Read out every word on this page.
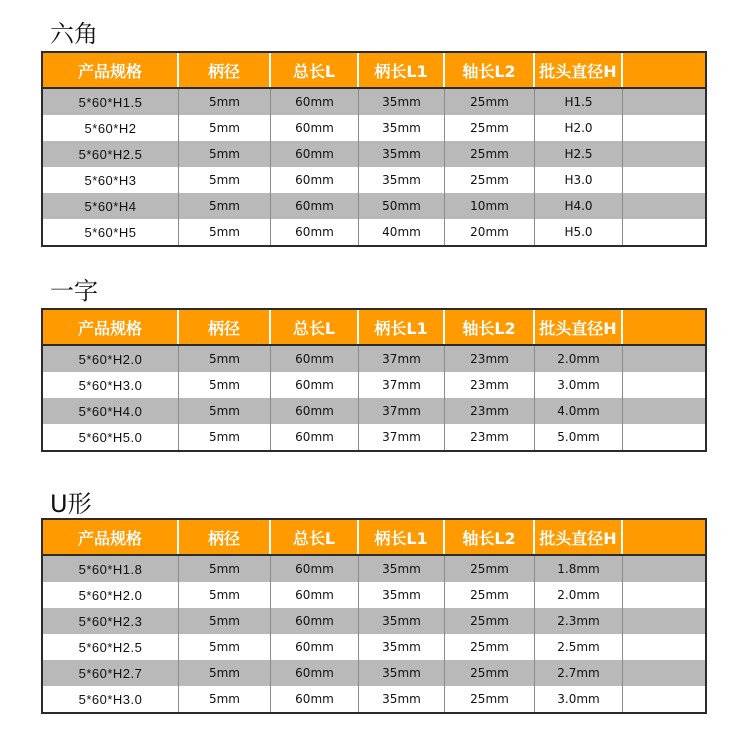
六角
产品规格	柄径	总长L	柄长L1	轴长L2	批头直径H
5*60*H1.5	5mm	60mm	35mm	25mm	H1.5
5*60*H2	5mm	60mm	35mm	25mm	H2.0
5*60*H2.5	5mm	60mm	35mm	25mm	H2.5
5*60*H3	5mm	60mm	35mm	25mm	H3.0
5*60*H4	5mm	60mm	50mm	10mm	H4.0
5*60*H5	5mm	60mm	40mm	20mm	H5.0
一字
产品规格	柄径	总长L	柄长L1	轴长L2	批头直径H
5*60*H2.0	5mm	60mm	37mm	23mm	2.0mm
5*60*H3.0	5mm	60mm	37mm	23mm	3.0mm
5*60*H4.0	5mm	60mm	37mm	23mm	4.0mm
5*60*H5.0	5mm	60mm	37mm	23mm	5.0mm
U形
产品规格	柄径	总长L	柄长L1	轴长L2	批头直径H
5*60*H1.8	5mm	60mm	35mm	25mm	1.8mm
5*60*H2.0	5mm	60mm	35mm	25mm	2.0mm
5*60*H2.3	5mm	60mm	35mm	25mm	2.3mm
5*60*H2.5	5mm	60mm	35mm	25mm	2.5mm
5*60*H2.7	5mm	60mm	35mm	25mm	2.7mm
5*60*H3.0	5mm	60mm	35mm	25mm	3.0mm
